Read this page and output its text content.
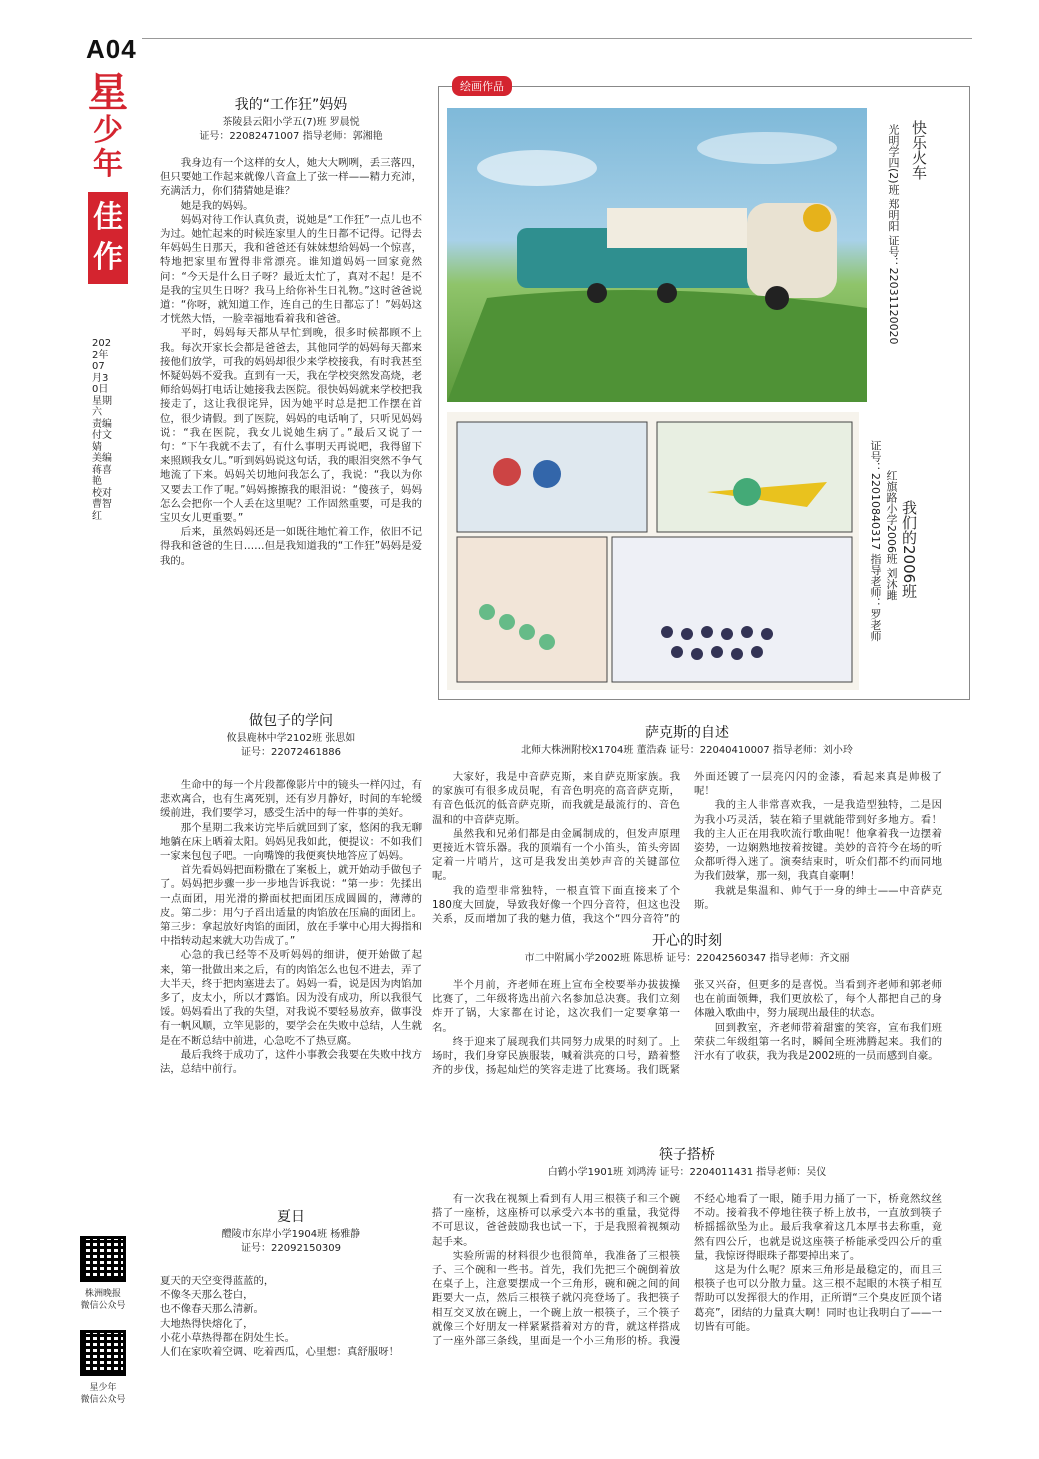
A04
星
少年
佳作
2022年07月30日 星期六 责编付文婧 美编蒋喜艳 校对曹智红
我的“工作狂”妈妈
茶陵县云阳小学五(7)班 罗晨悦
证号：22082471007 指导老师：郭湘艳

我身边有一个这样的女人，她大大咧咧，丢三落四，但只要她工作起来就像八音盒上了弦一样——精力充沛，充满活力，你们猜猜她是谁？

她是我的妈妈。

妈妈对待工作认真负责，说她是“工作狂”一点儿也不为过。她忙起来的时候连家里人的生日都不记得。记得去年妈妈生日那天，我和爸爸还有妹妹想给妈妈一个惊喜，特地把家里布置得非常漂亮。谁知道妈妈一回家竟然问：“今天是什么日子呀？最近太忙了，真对不起！是不是我的宝贝生日呀？我马上给你补生日礼物。”这时爸爸说道：“你呀，就知道工作，连自己的生日都忘了！”妈妈这才恍然大悟，一脸幸福地看着我和爸爸。

平时，妈妈每天都从早忙到晚，很多时候都顾不上我。每次开家长会都是爸爸去，其他同学的妈妈每天都来接他们放学，可我的妈妈却很少来学校接我，有时我甚至怀疑妈妈不爱我。直到有一天，我在学校突然发高烧，老师给妈妈打电话让她接我去医院。很快妈妈就来学校把我接走了，这让我很诧异，因为她平时总是把工作摆在首位，很少请假。到了医院，妈妈的电话响了，只听见妈妈说：“我在医院，我女儿说她生病了。”最后又说了一句：“下午我就不去了，有什么事明天再说吧，我得留下来照顾我女儿。”听到妈妈说这句话，我的眼泪突然不争气地流了下来。妈妈关切地问我怎么了，我说：“我以为你又要去工作了呢。”妈妈擦擦我的眼泪说：“傻孩子，妈妈怎么会把你一个人丢在这里呢？工作固然重要，可是我的宝贝女儿更重要。”

后来，虽然妈妈还是一如既往地忙着工作，依旧不记得我和爸爸的生日……但是我知道我的“工作狂”妈妈是爱我的。

做包子的学问
攸县鹿林中学2102班 张思如
证号：22072461886

生命中的每一个片段都像影片中的镜头一样闪过，有悲欢离合，也有生离死别，还有岁月静好，时间的车轮缓缓前进，我们要学习，感受生活中的每一件事的美好。

那个星期二我来访完毕后就回到了家，悠闲的我无聊地躺在床上晒着太阳。妈妈见我如此，便提议：不如我们一家来包包子吧。一向嘴馋的我便爽快地答应了妈妈。

首先看妈妈把面粉撒在了案板上，就开始动手做包子了。妈妈把步骤一步一步地告诉我说：“第一步：先揉出一点面团，用光滑的擀面杖把面团压成圆圆的，薄薄的皮。第二步：用勺子舀出适量的肉馅放在压扁的面团上。第三步：拿起放好肉馅的面团，放在手掌中心用大拇指和中指转动起来就大功告成了。”

心急的我已经等不及听妈妈的细讲，便开始做了起来，第一批做出来之后，有的肉馅怎么也包不进去，弄了大半天，终于把肉塞进去了。妈妈一看，说是因为肉馅加多了，皮太小，所以才露馅。因为没有成功，所以我很气馁。妈妈看出了我的失望，对我说不要轻易放弃，做事没有一帆风顺，立竿见影的，要学会在失败中总结，人生就是在不断总结中前进，心急吃不了热豆腐。

最后我终于成功了，这件小事教会我要在失败中找方法，总结中前行。

夏日
醴陵市东岸小学1904班 杨雅静
证号：22092150309

夏天的天空变得蓝蓝的，

不像冬天那么苍白，

也不像春天那么清新。

大地热得快熔化了，

小花小草热得都在阴处生长。

人们在家吹着空调、吃着西瓜，心里想：真舒服呀！

绘画作品
快乐火车
光明学四(2)班 郑明阳 证号：22031120020
我们的2006班
红旗路小学2006班 刘沐雎
证号：22010840317 指导老师：罗老师
萨克斯的自述
北师大株洲附校X1704班 董浩森 证号：22040410007 指导老师：刘小玲

大家好，我是中音萨克斯，来自萨克斯家族。我的家族可有很多成员呢，有音色明亮的高音萨克斯，有音色低沉的低音萨克斯，而我就是最流行的、音色温和的中音萨克斯。

虽然我和兄弟们都是由金属制成的，但发声原理更接近木管乐器。我的顶端有一个小笛头，笛头旁固定着一片哨片，这可是我发出美妙声音的关键部位呢。

我的造型非常独特，一根直管下面直接来了个180度大回旋，导致我好像一个四分音符，但这也没关系，反而增加了我的魅力值，我这个“四分音符”的外面还镀了一层亮闪闪的金漆，看起来真是帅极了呢！

我的主人非常喜欢我，一是我造型独特，二是因为我小巧灵活，装在箱子里就能带到好多地方。看！我的主人正在用我吹流行歌曲呢！他拿着我一边摆着姿势，一边娴熟地按着按键。美妙的音符今在场的听众都听得入迷了。演奏结束时，听众们都不约而同地为我们鼓掌，那一刻，我真自豪啊！

我就是集温和、帅气于一身的绅士——中音萨克斯。

开心的时刻
市二中附属小学2002班 陈思桥 证号：22042560347 指导老师：齐文丽

半个月前，齐老师在班上宣布全校要举办拔拔操比赛了，二年级将选出前六名参加总决赛。我们立刻炸开了锅，大家都在讨论，这次我们一定要拿第一名。

终于迎来了展现我们共同努力成果的时刻了。上场时，我们身穿民族服装，喊着洪亮的口号，踏着整齐的步伐，扬起灿烂的笑容走进了比赛场。我们既紧张又兴奋，但更多的是喜悦。当看到齐老师和郭老师也在前面领舞，我们更放松了，每个人都把自己的身体融入歌曲中，努力展现出最佳的状态。

回到教室，齐老师带着甜蜜的笑容，宣布我们班荣获二年级组第一名时，瞬间全班沸腾起来。我们的汗水有了收获，我为我是2002班的一员而感到自豪。

筷子搭桥
白鹤小学1901班 刘鸿涛 证号：2204011431 指导老师：吴仪

有一次我在视频上看到有人用三根筷子和三个碗搭了一座桥，这座桥可以承受六本书的重量，我觉得不可思议，爸爸鼓励我也试一下，于是我照着视频动起手来。

实验所需的材料很少也很简单，我准备了三根筷子、三个碗和一些书。首先，我们先把三个碗倒着放在桌子上，注意要摆成一个三角形，碗和碗之间的间距要大一点，然后三根筷子就闪亮登场了。我把筷子相互交叉放在碗上，一个碗上放一根筷子，三个筷子就像三个好朋友一样紧紧搭着对方的背，就这样搭成了一座外部三条线，里面是一个小三角形的桥。我漫不经心地看了一眼，随手用力捅了一下，桥竟然纹丝不动。接着我不停地往筷子桥上放书，一直放到筷子桥摇摇欲坠为止。最后我拿着这几本厚书去称重，竟然有四公斤，也就是说这座筷子桥能承受四公斤的重量，我惊讶得眼珠子都要掉出来了。

这是为什么呢？原来三角形是最稳定的，而且三根筷子也可以分散力量。这三根不起眼的木筷子相互帮助可以发挥很大的作用，正所谓“三个臭皮匠顶个诸葛亮”，团结的力量真大啊！同时也让我明白了——一切皆有可能。

株洲晚报
微信公众号
星少年
微信公众号
